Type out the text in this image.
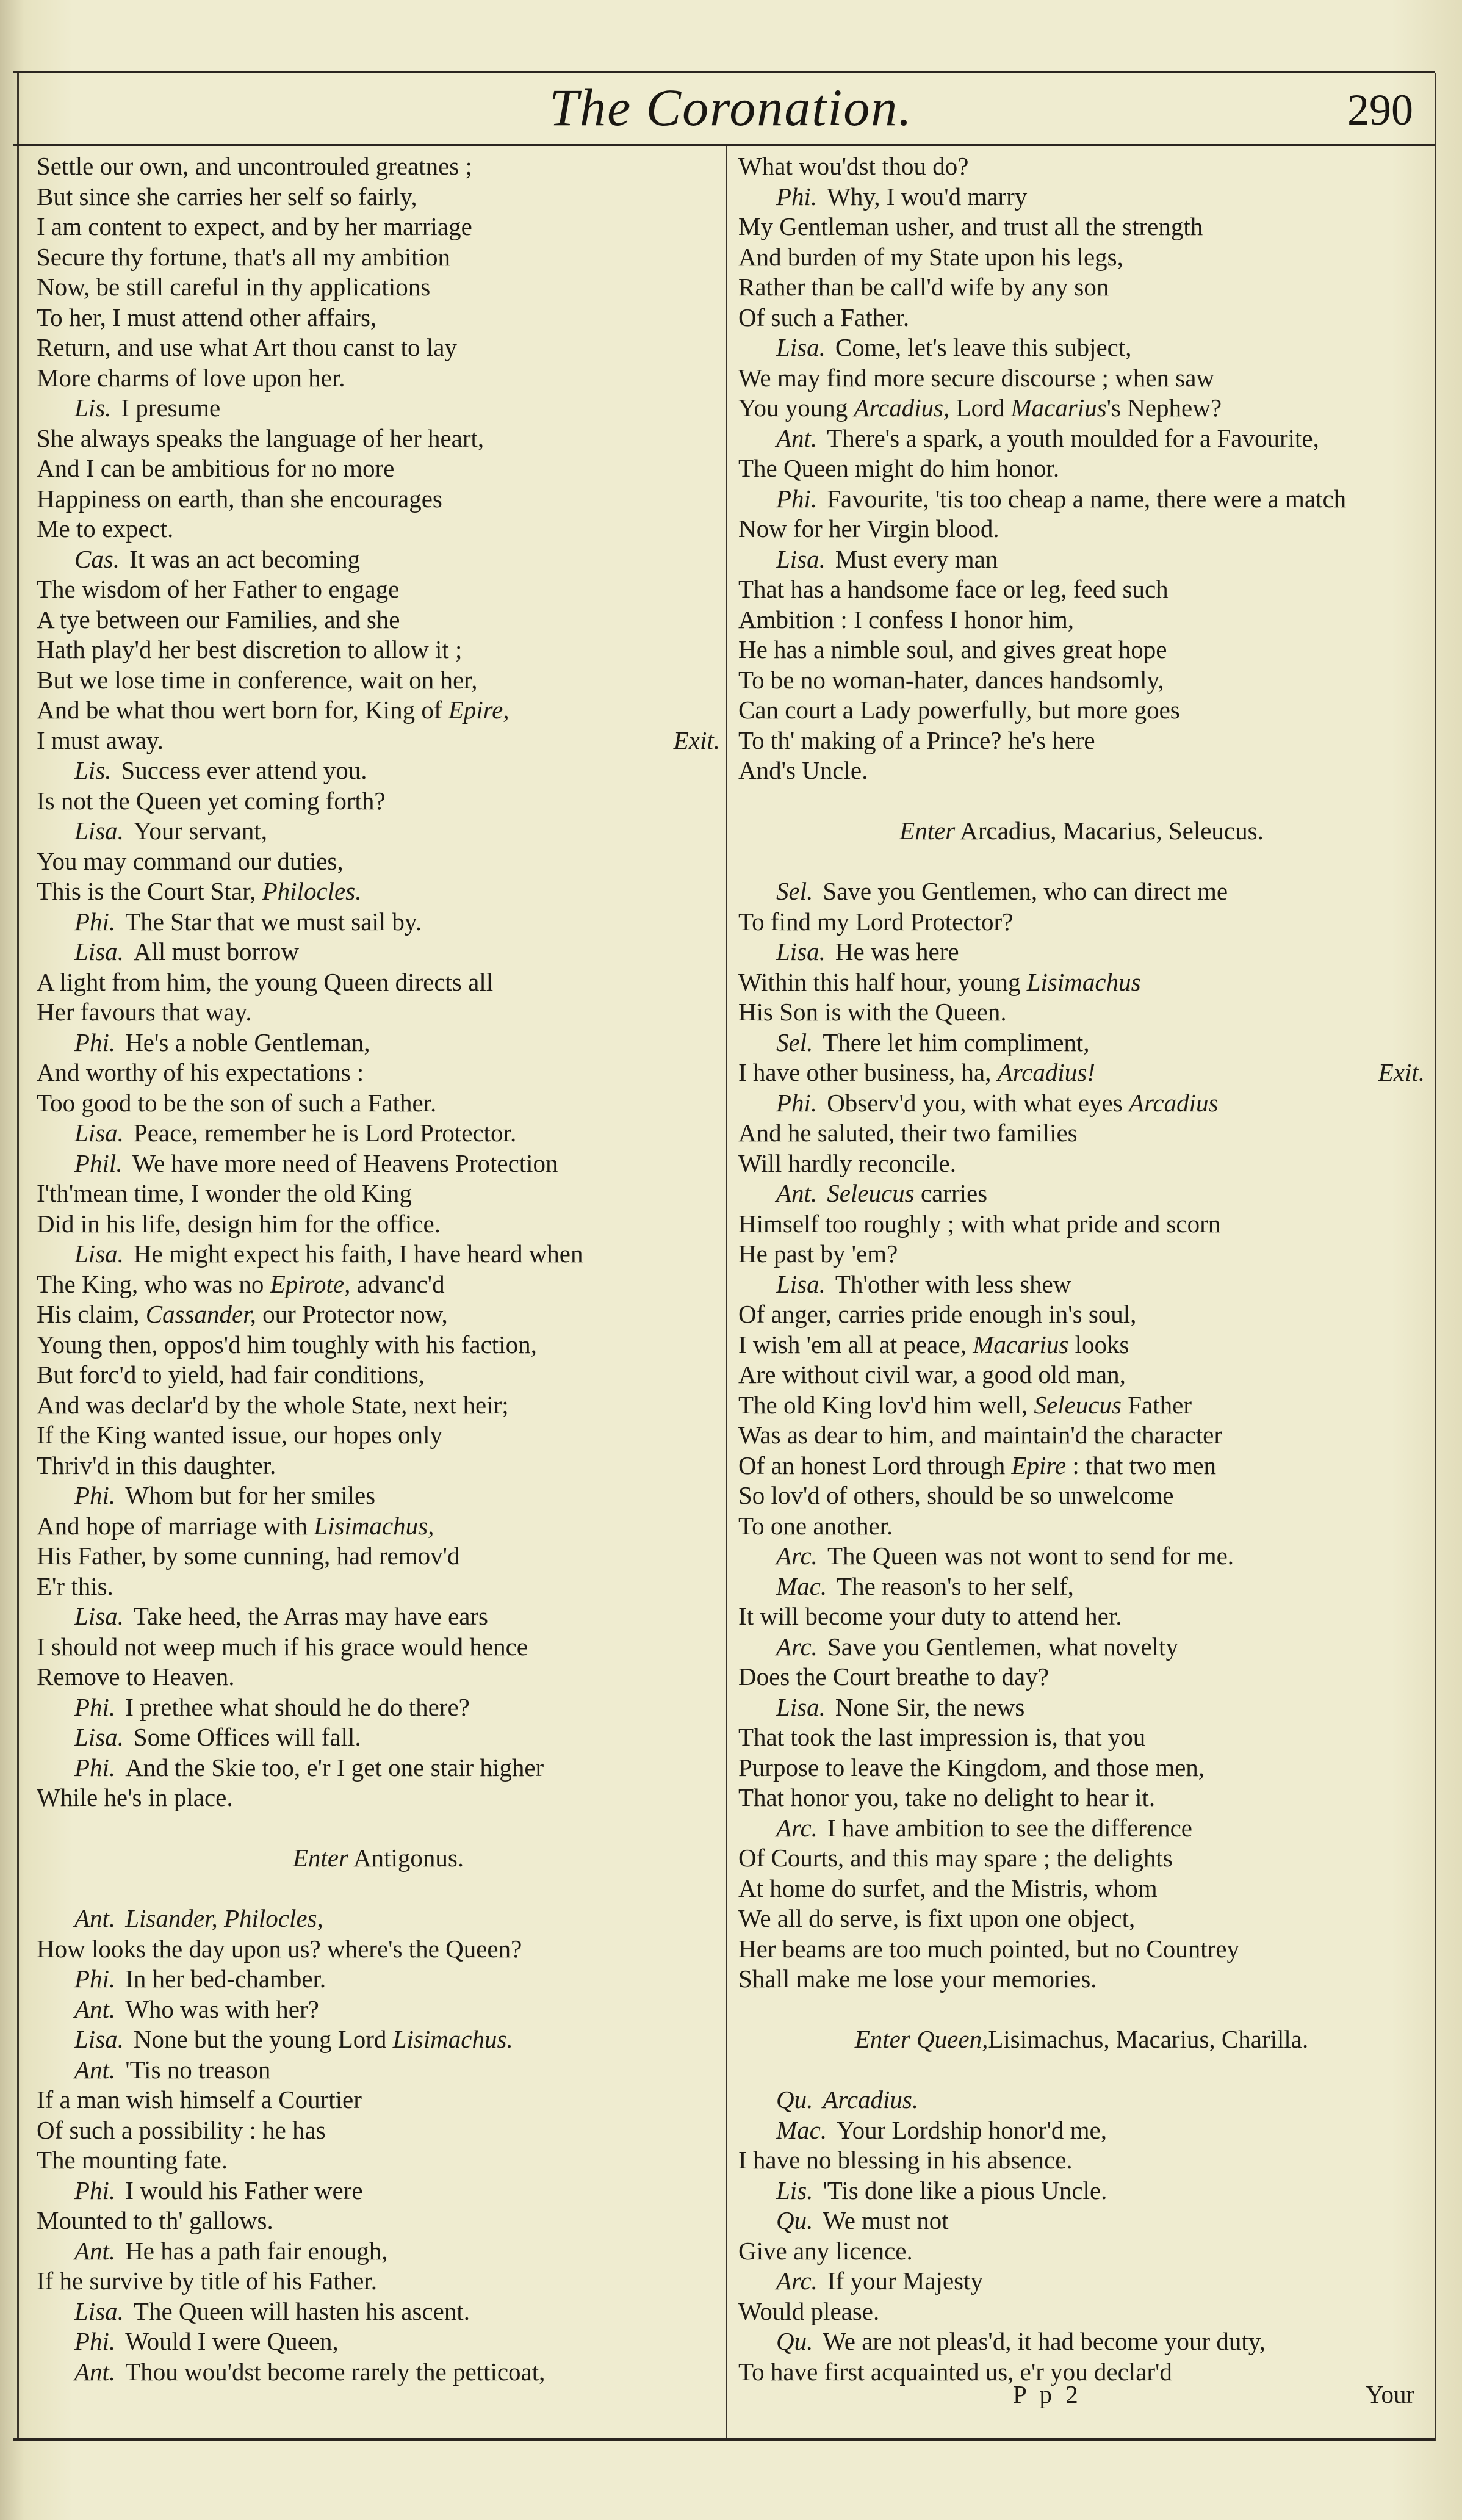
The Coronation.	290
Settle our own, and uncontrouled greatnes ;
But since she carries her self so fairly,
I am content to expect, and by her marriage
Secure thy fortune, that's all my ambition
Now, be still careful in thy applications
To her, I must attend other affairs,
Return, and use what Art thou canst to lay
More charms of love upon her.
Lis. I presume
She always speaks the language of her heart,
And I can be ambitious for no more
Happiness on earth, than she encourages
Me to expect.
Cas. It was an act becoming
The wisdom of her Father to engage
A tye between our Families, and she
Hath play'd her best discretion to allow it ;
But we lose time in conference, wait on her,
And be what thou wert born for, King of Epire,
I must away.	Exit.
Lis. Success ever attend you.
Is not the Queen yet coming forth?
Lisa. Your servant,
You may command our duties,
This is the Court Star, Philocles.
Phi. The Star that we must sail by.
Lisa. All must borrow
A light from him, the young Queen directs all
Her favours that way.
Phi. He's a noble Gentleman,
And worthy of his expectations :
Too good to be the son of such a Father.
Lisa. Peace, remember he is Lord Protector.
Phil. We have more need of Heavens Protection
I'th'mean time, I wonder the old King
Did in his life, design him for the office.
Lisa. He might expect his faith, I have heard when
The King, who was no Epirote, advanc'd
His claim, Cassander, our Protector now,
Young then, oppos'd him toughly with his faction,
But forc'd to yield, had fair conditions,
And was declar'd by the whole State, next heir;
If the King wanted issue, our hopes only
Thriv'd in this daughter.
Phi. Whom but for her smiles
And hope of marriage with Lisimachus,
His Father, by some cunning, had remov'd
E'r this.
Lisa. Take heed, the Arras may have ears
I should not weep much if his grace would hence
Remove to Heaven.
Phi. I prethee what should he do there?
Lisa. Some Offices will fall.
Phi. And the Skie too, e'r I get one stair higher
While he's in place.
Enter Antigonus.
Ant. Lisander, Philocles,
How looks the day upon us? where's the Queen?
Phi. In her bed-chamber.
Ant. Who was with her?
Lisa. None but the young Lord Lisimachus.
Ant. 'Tis no treason
If a man wish himself a Courtier
Of such a possibility : he has
The mounting fate.
Phi. I would his Father were
Mounted to th' gallows.
Ant. He has a path fair enough,
If he survive by title of his Father.
Lisa. The Queen will hasten his ascent.
Phi. Would I were Queen,
Ant. Thou wou'dst become rarely the petticoat,
What wou'dst thou do?
Phi. Why, I wou'd marry
My Gentleman usher, and trust all the strength
And burden of my State upon his legs,
Rather than be call'd wife by any son
Of such a Father.
Lisa. Come, let's leave this subject,
We may find more secure discourse ; when saw
You young Arcadius, Lord Macarius's Nephew?
Ant. There's a spark, a youth moulded for a Favourite,
The Queen might do him honor.
Phi. Favourite, 'tis too cheap a name, there were a match
Now for her Virgin blood.
Lisa. Must every man
That has a handsome face or leg, feed such
Ambition : I confess I honor him,
He has a nimble soul, and gives great hope
To be no woman-hater, dances handsomly,
Can court a Lady powerfully, but more goes
To th' making of a Prince? he's here
And's Uncle.
Enter Arcadius, Macarius, Seleucus.
Sel. Save you Gentlemen, who can direct me
To find my Lord Protector?
Lisa. He was here
Within this half hour, young Lisimachus
His Son is with the Queen.
Sel. There let him compliment,
I have other business, ha, Arcadius!	Exit.
Phi. Observ'd you, with what eyes Arcadius
And he saluted, their two families
Will hardly reconcile.
Ant. Seleucus carries
Himself too roughly ; with what pride and scorn
He past by 'em?
Lisa. Th'other with less shew
Of anger, carries pride enough in's soul,
I wish 'em all at peace, Macarius looks
Are without civil war, a good old man,
The old King lov'd him well, Seleucus Father
Was as dear to him, and maintain'd the character
Of an honest Lord through Epire : that two men
So lov'd of others, should be so unwelcome
To one another.
Arc. The Queen was not wont to send for me.
Mac. The reason's to her self,
It will become your duty to attend her.
Arc. Save you Gentlemen, what novelty
Does the Court breathe to day?
Lisa. None Sir, the news
That took the last impression is, that you
Purpose to leave the Kingdom, and those men,
That honor you, take no delight to hear it.
Arc. I have ambition to see the difference
Of Courts, and this may spare ; the delights
At home do surfet, and the Mistris, whom
We all do serve, is fixt upon one object,
Her beams are too much pointed, but no Countrey
Shall make me lose your memories.
Enter Queen,Lisimachus, Macarius, Charilla.
Qu. Arcadius.
Mac. Your Lordship honor'd me,
I have no blessing in his absence.
Lis. 'Tis done like a pious Uncle.
Qu. We must not
Give any licence.
Arc. If your Majesty
Would please.
Qu. We are not pleas'd, it had become your duty,
To have first acquainted us, e'r you declar'd
P p 2	Your
